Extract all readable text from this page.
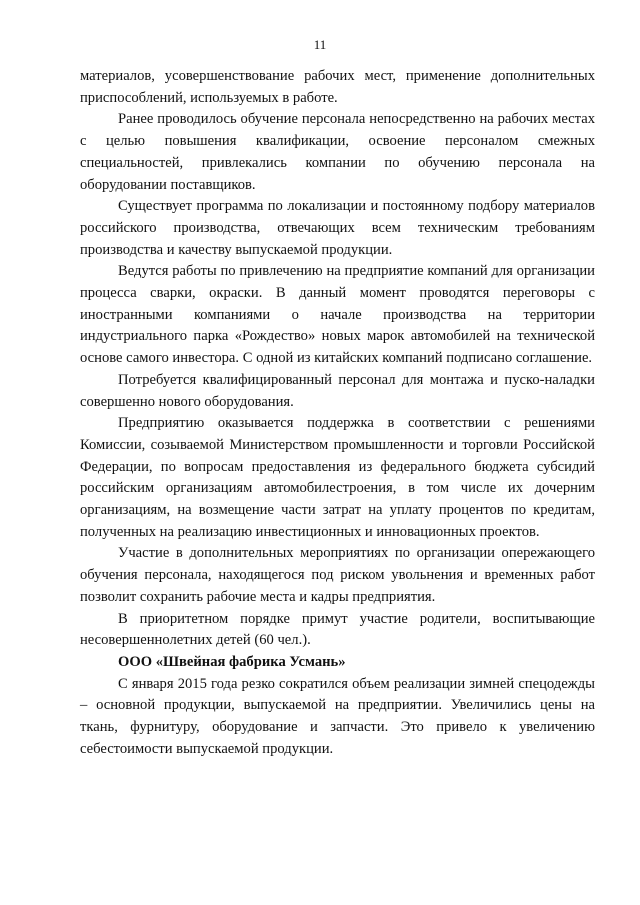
11

материалов, усовершенствование рабочих мест, применение дополнительных приспособлений, используемых в работе.

Ранее проводилось обучение персонала непосредственно на рабочих местах с целью повышения квалификации, освоение персоналом смежных специальностей, привлекались компании по обучению персонала на оборудовании поставщиков.

Существует программа по локализации и постоянному подбору материалов российского производства, отвечающих всем техническим требованиям производства и качеству выпускаемой продукции.

Ведутся работы по привлечению на предприятие компаний для организации процесса сварки, окраски. В данный момент проводятся переговоры с иностранными компаниями о начале производства на территории индустриального парка «Рождество» новых марок автомобилей на технической основе самого инвестора. С одной из китайских компаний подписано соглашение.

Потребуется квалифицированный персонал для монтажа и пуско-наладки совершенно нового оборудования.

Предприятию оказывается поддержка в соответствии с решениями Комиссии, созываемой Министерством промышленности и торговли Российской Федерации, по вопросам предоставления из федерального бюджета субсидий российским организациям автомобилестроения, в том числе их дочерним организациям, на возмещение части затрат на уплату процентов по кредитам, полученных на реализацию инвестиционных и инновационных проектов.

Участие в дополнительных мероприятиях по организации опережающего обучения персонала, находящегося под риском увольнения и временных работ позволит сохранить рабочие места и кадры предприятия.

В приоритетном порядке примут участие родители, воспитывающие несовершеннолетних детей (60 чел.).

ООО «Швейная фабрика Усмань»

С января 2015 года резко сократился объем реализации зимней спецодежды – основной продукции, выпускаемой на предприятии. Увеличились цены на ткань, фурнитуру, оборудование и запчасти. Это привело к увеличению себестоимости выпускаемой продукции.
